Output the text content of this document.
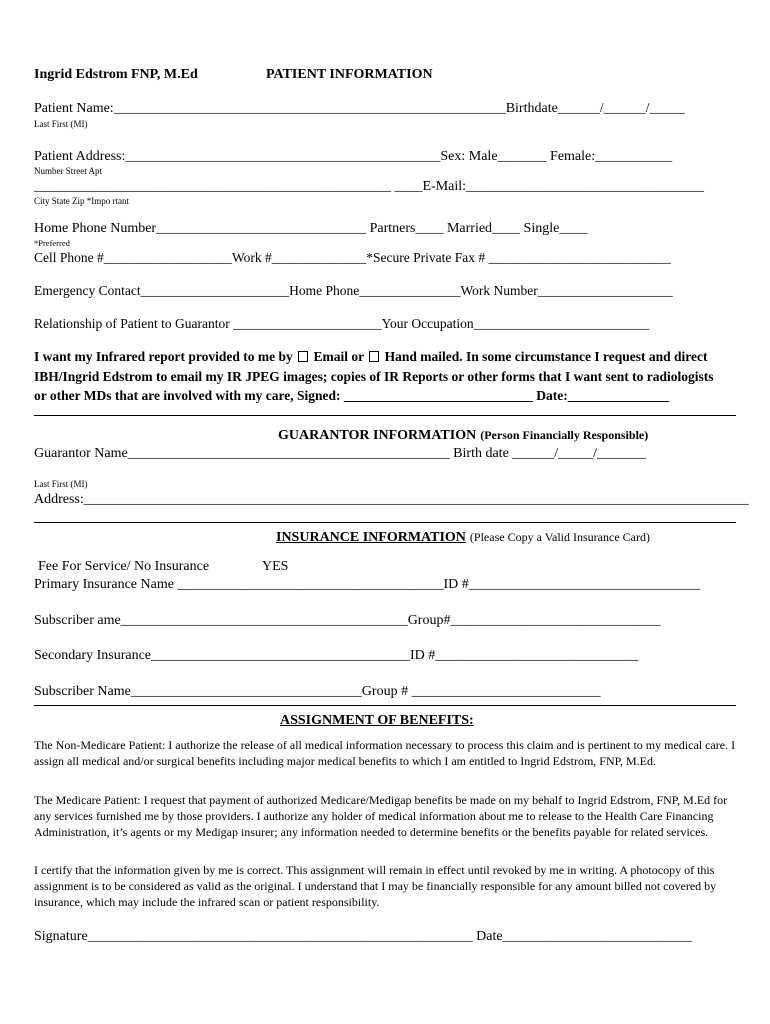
Ingrid Edstrom FNP, M.Ed	PATIENT INFORMATION
Patient Name:________________________________________________________Birthdate______/______/_____
Last First (MI)
Patient Address:_____________________________________________Sex: Male_______ Female:___________
Number Street Apt
___________________________________________________ ____E-Mail:__________________________________
City State Zip *Impo rtant
Home Phone Number______________________________ Partners____ Married____ Single____
*Preferred
Cell Phone #___________________Work #______________*Secure Private Fax # ___________________________
Emergency Contact______________________Home Phone_______________Work Number____________________
Relationship of Patient to Guarantor ______________________Your Occupation__________________________
I want my Infrared report provided to me by Email or Hand mailed. In some circumstance I request and direct
IBH/Ingrid Edstrom to email my IR JPEG images; copies of IR Reports or other forms that I want sent to radiologists
or other MDs that are involved with my care, Signed: ____________________________ Date:_______________
GUARANTOR INFORMATION (Person Financially Responsible)
Guarantor Name______________________________________________ Birth date ______/_____/_______
Last First (MI)
Address:_______________________________________________________________________________________________
INSURANCE INFORMATION (Please Copy a Valid Insurance Card)
Fee For Service/ No Insurance	YES
Primary Insurance Name ______________________________________ID #_________________________________
Subscriber ame_________________________________________Group#______________________________
Secondary Insurance_____________________________________ID #_____________________________
Subscriber Name_________________________________Group # ___________________________
ASSIGNMENT OF BENEFITS:

The Non-Medicare Patient: I authorize the release of all medical information necessary to process this claim and is pertinent to my medical care. I assign all medical and/or surgical benefits including major medical benefits to which I am entitled to Ingrid Edstrom, FNP, M.Ed.

The Medicare Patient: I request that payment of authorized Medicare/Medigap benefits be made on my behalf to Ingrid Edstrom, FNP, M.Ed for any services furnished me by those providers. I authorize any holder of medical information about me to release to the Health Care Financing Administration, it’s agents or my Medigap insurer; any information needed to determine benefits or the benefits payable for related services.

I certify that the information given by me is correct. This assignment will remain in effect until revoked by me in writing. A photocopy of this assignment is to be considered as valid as the original. I understand that I may be financially responsible for any amount billed not covered by insurance, which may include the infrared scan or patient responsibility.

Signature_______________________________________________________ Date___________________________
